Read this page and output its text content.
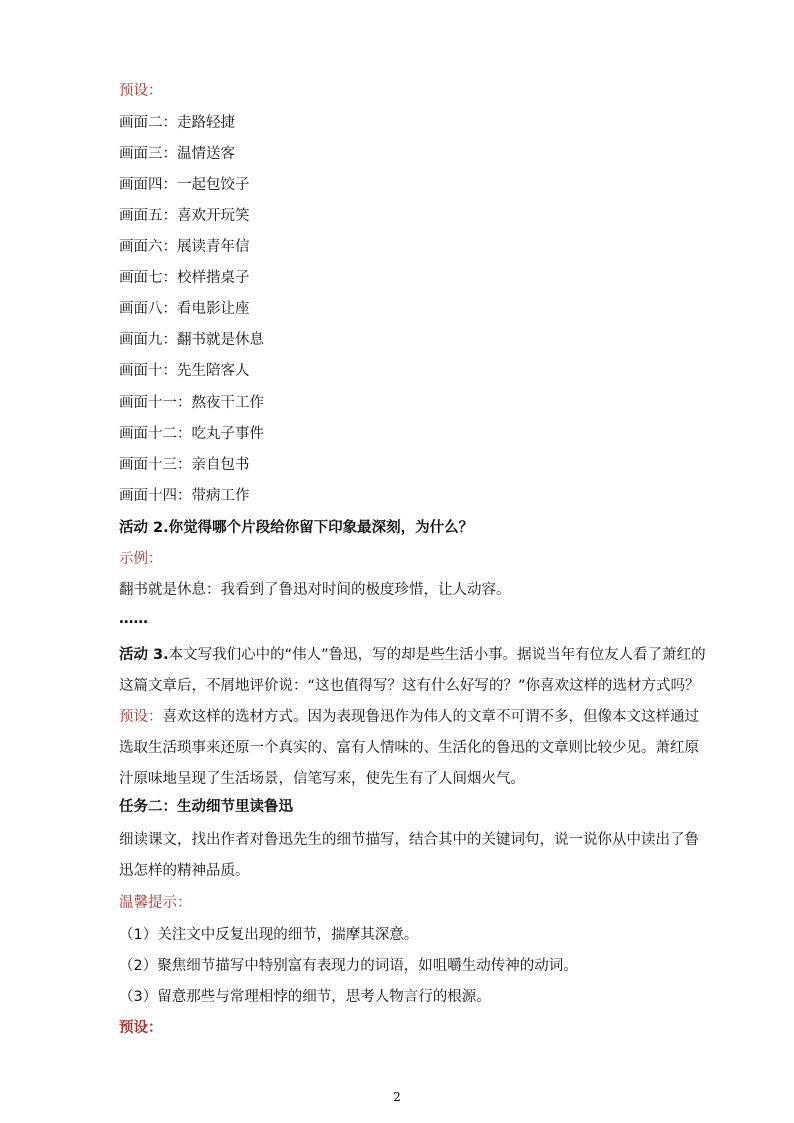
预设：
画面二：走路轻捷
画面三：温情送客
画面四：一起包饺子
画面五：喜欢开玩笑
画面六：展读青年信
画面七：校样揩桌子
画面八：看电影让座
画面九：翻书就是休息
画面十：先生陪客人
画面十一：熬夜干工作
画面十二：吃丸子事件
画面十三：亲自包书
画面十四：带病工作
活动 2.你觉得哪个片段给你留下印象最深刻，为什么？
示例：
翻书就是休息：我看到了鲁迅对时间的极度珍惜，让人动容。
……
活动 3.本文写我们心中的“伟人”鲁迅，写的却是些生活小事。据说当年有位友人看了萧红的这篇文章后，不屑地评价说：“这也值得写？这有什么好写的？”你喜欢这样的选材方式吗？
预设：喜欢这样的选材方式。因为表现鲁迅作为伟人的文章不可谓不多，但像本文这样通过选取生活琐事来还原一个真实的、富有人情味的、生活化的鲁迅的文章则比较少见。萧红原汁原味地呈现了生活场景，信笔写来，使先生有了人间烟火气。
任务二：生动细节里读鲁迅
细读课文，找出作者对鲁迅先生的细节描写，结合其中的关键词句，说一说你从中读出了鲁迅怎样的精神品质。
温馨提示：
（1）关注文中反复出现的细节，揣摩其深意。
（2）聚焦细节描写中特别富有表现力的词语，如咀嚼生动传神的动词。
（3）留意那些与常理相悖的细节，思考人物言行的根源。
预设：
2
